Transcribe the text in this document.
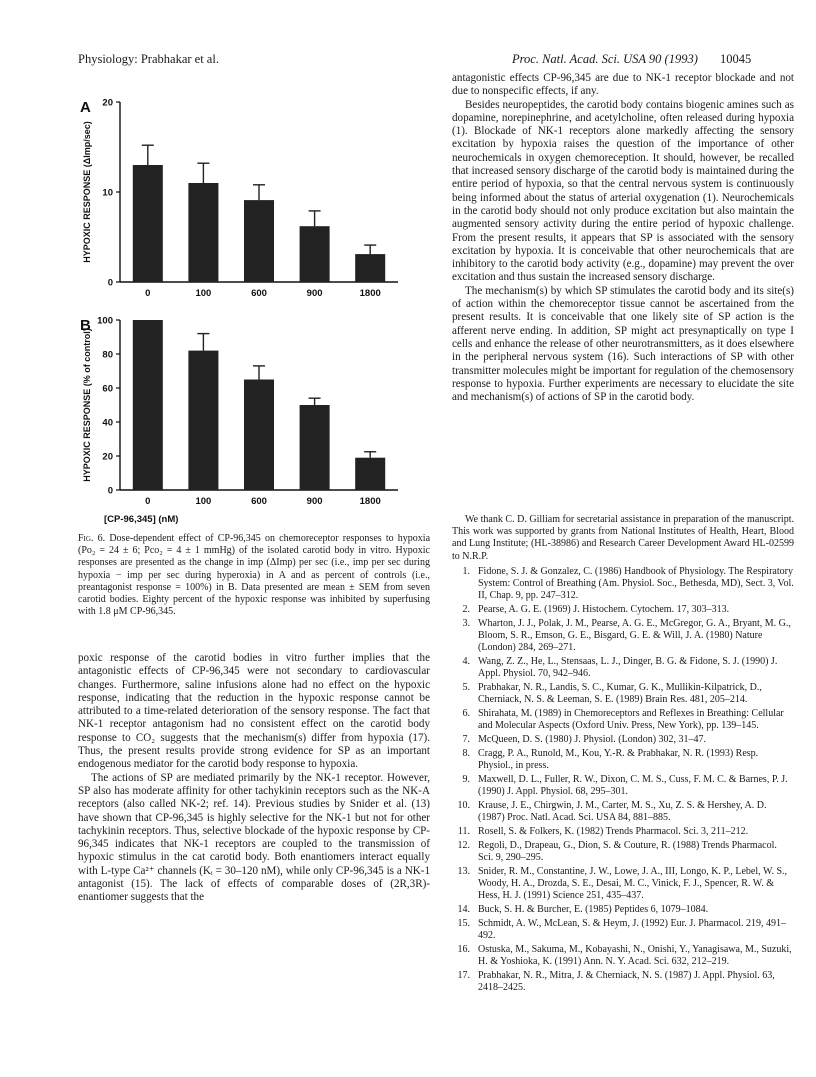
Physiology: Prabhakar et al.	Proc. Natl. Acad. Sci. USA 90 (1993) 10045
A
0
10
20
HYPOXIC RESPONSE (ΔImp/sec)
0	100	600	900	1800
B
0
20
40
60
80
100
HYPOXIC RESPONSE (% of control)
0	100	600	900	1800
[CP-96,345] (nM)
Fig. 6. Dose-dependent effect of CP-96,345 on chemoreceptor responses to hypoxia (Po₂ = 24 ± 6; Pco₂ = 4 ± 1 mmHg) of the isolated carotid body in vitro. Hypoxic responses are presented as the change in imp (ΔImp) per sec (i.e., imp per sec during hypoxia − imp per sec during hyperoxia) in A and as percent of controls (i.e., preantagonist response = 100%) in B. Data presented are mean ± SEM from seven carotid bodies. Eighty percent of the hypoxic response was inhibited by superfusing with 1.8 μM CP-96,345.

poxic response of the carotid bodies in vitro further implies that the antagonistic effects of CP-96,345 were not secondary to cardiovascular changes. Furthermore, saline infusions alone had no effect on the hypoxic response, indicating that the reduction in the hypoxic response cannot be attributed to a time-related deterioration of the sensory response. The fact that NK-1 receptor antagonism had no consistent effect on the carotid body response to CO₂ suggests that the mechanism(s) differ from hypoxia (17). Thus, the present results provide strong evidence for SP as an important endogenous mediator for the carotid body response to hypoxia.

The actions of SP are mediated primarily by the NK-1 receptor. However, SP also has moderate affinity for other tachykinin receptors such as the NK-A receptors (also called NK-2; ref. 14). Previous studies by Snider et al. (13) have shown that CP-96,345 is highly selective for the NK-1 but not for other tachykinin receptors. Thus, selective blockade of the hypoxic response by CP-96,345 indicates that NK-1 receptors are coupled to the transmission of hypoxic stimulus in the cat carotid body. Both enantiomers interact equally with L-type Ca²⁺ channels (Kᵢ = 30–120 nM), while only CP-96,345 is a NK-1 antagonist (15). The lack of effects of comparable doses of (2R,3R)-enantiomer suggests that the

antagonistic effects CP-96,345 are due to NK-1 receptor blockade and not due to nonspecific effects, if any.

Besides neuropeptides, the carotid body contains biogenic amines such as dopamine, norepinephrine, and acetylcholine, often released during hypoxia (1). Blockade of NK-1 receptors alone markedly affecting the sensory excitation by hypoxia raises the question of the importance of other neurochemicals in oxygen chemoreception. It should, however, be recalled that increased sensory discharge of the carotid body is maintained during the entire period of hypoxia, so that the central nervous system is continuously being informed about the status of arterial oxygenation (1). Neurochemicals in the carotid body should not only produce excitation but also maintain the augmented sensory activity during the entire period of hypoxic challenge. From the present results, it appears that SP is associated with the sensory excitation by hypoxia. It is conceivable that other neurochemicals that are inhibitory to the carotid body activity (e.g., dopamine) may prevent the over excitation and thus sustain the increased sensory discharge.

The mechanism(s) by which SP stimulates the carotid body and its site(s) of action within the chemoreceptor tissue cannot be ascertained from the present results. It is conceivable that one likely site of SP action is the afferent nerve ending. In addition, SP might act presynaptically on type I cells and enhance the release of other neurotransmitters, as it does elsewhere in the peripheral nervous system (16). Such interactions of SP with other transmitter molecules might be important for regulation of the chemosensory response to hypoxia. Further experiments are necessary to elucidate the site and mechanism(s) of actions of SP in the carotid body.

We thank C. D. Gilliam for secretarial assistance in preparation of the manuscript. This work was supported by grants from National Institutes of Health, Heart, Blood and Lung Institute; (HL-38986) and Research Career Development Award HL-02599 to N.R.P.
1. Fidone, S. J. & Gonzalez, C. (1986) Handbook of Physiology. The Respiratory System: Control of Breathing (Am. Physiol. Soc., Bethesda, MD), Sect. 3, Vol. II, Chap. 9, pp. 247–312.
2. Pearse, A. G. E. (1969) J. Histochem. Cytochem. 17, 303–313.
3. Wharton, J. J., Polak, J. M., Pearse, A. G. E., McGregor, G. A., Bryant, M. G., Bloom, S. R., Emson, G. E., Bisgard, G. E. & Will, J. A. (1980) Nature (London) 284, 269–271.
4. Wang, Z. Z., He, L., Stensaas, L. J., Dinger, B. G. & Fidone, S. J. (1990) J. Appl. Physiol. 70, 942–946.
5. Prabhakar, N. R., Landis, S. C., Kumar, G. K., Mullikin-Kilpatrick, D., Cherniack, N. S. & Leeman, S. E. (1989) Brain Res. 481, 205–214.
6. Shirahata, M. (1989) in Chemoreceptors and Reflexes in Breathing: Cellular and Molecular Aspects (Oxford Univ. Press, New York), pp. 139–145.
7. McQueen, D. S. (1980) J. Physiol. (London) 302, 31–47.
8. Cragg, P. A., Runold, M., Kou, Y.-R. & Prabhakar, N. R. (1993) Resp. Physiol., in press.
9. Maxwell, D. L., Fuller, R. W., Dixon, C. M. S., Cuss, F. M. C. & Barnes, P. J. (1990) J. Appl. Physiol. 68, 295–301.
10. Krause, J. E., Chirgwin, J. M., Carter, M. S., Xu, Z. S. & Hershey, A. D. (1987) Proc. Natl. Acad. Sci. USA 84, 881–885.
11. Rosell, S. & Folkers, K. (1982) Trends Pharmacol. Sci. 3, 211–212.
12. Regoli, D., Drapeau, G., Dion, S. & Couture, R. (1988) Trends Pharmacol. Sci. 9, 290–295.
13. Snider, R. M., Constantine, J. W., Lowe, J. A., III, Longo, K. P., Lebel, W. S., Woody, H. A., Drozda, S. E., Desai, M. C., Vinick, F. J., Spencer, R. W. & Hess, H. J. (1991) Science 251, 435–437.
14. Buck, S. H. & Burcher, E. (1985) Peptides 6, 1079–1084.
15. Schmidt, A. W., McLean, S. & Heym, J. (1992) Eur. J. Pharmacol. 219, 491–492.
16. Ostuska, M., Sakuma, M., Kobayashi, N., Onishi, Y., Yanagisawa, M., Suzuki, H. & Yoshioka, K. (1991) Ann. N. Y. Acad. Sci. 632, 212–219.
17. Prabhakar, N. R., Mitra, J. & Cherniack, N. S. (1987) J. Appl. Physiol. 63, 2418–2425.
